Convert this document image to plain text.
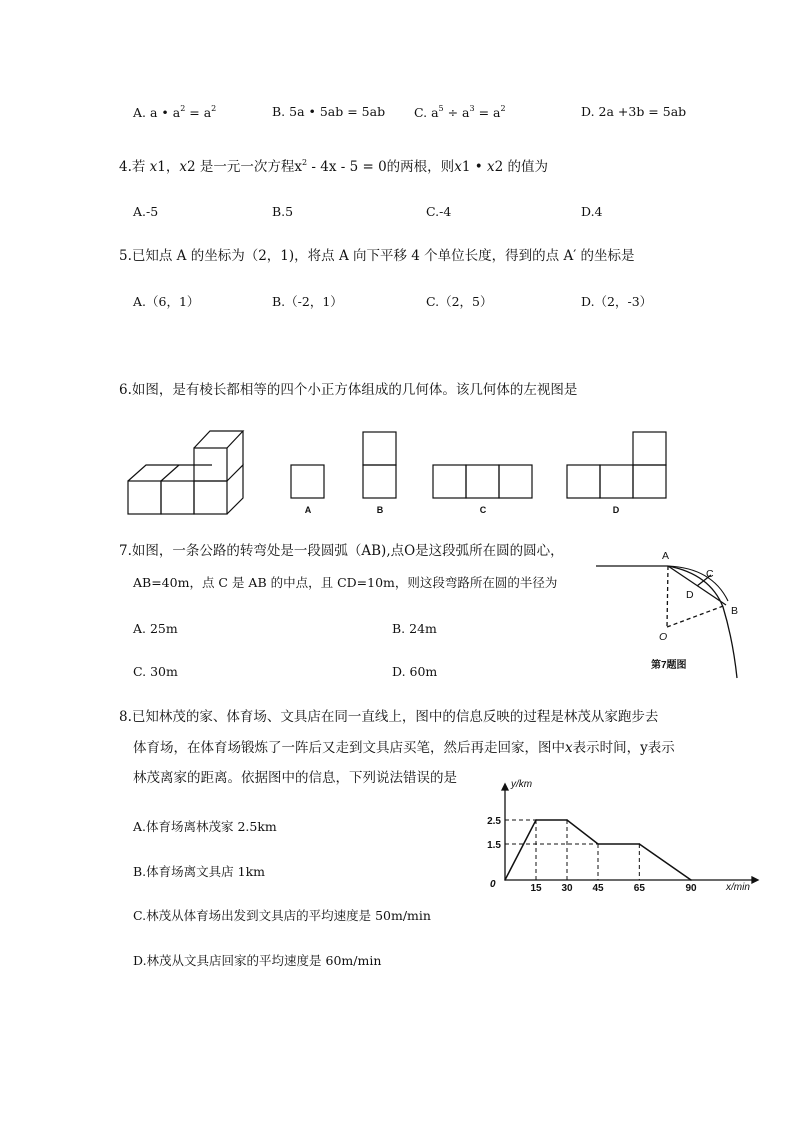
A. a • $a^2 = a^2$	B. 5a • 5ab = 5ab C. $a^5 \div a^3 = a^2$	D. 2a +3b = 5ab
4.若 x1，x2 是一元一次方程$x^2 - 4x - 5 = 0$的两根，则x1 • x2 的值为
A.-5	B.5	C.-4	D.4
5.已知点 A 的坐标为（2，1)，将点 A 向下平移 4 个单位长度，得到的点 A′ 的坐标是
A.（6，1）	B.（-2，1）	C.（2，5）	D.（2，-3）
6.如图，是有棱长都相等的四个小正方体组成的几何体。该几何体的左视图是
A	B	C	D
7.如图，一条公路的转弯处是一段圆弧（AB),点O是这段弧所在圆的圆心，
AB=40m，点 C 是 AB 的中点，且 CD=10m，则这段弯路所在圆的半径为
A. 25m	B. 24m
C. 30m	D. 60m
A
C
D
B
O
第7题图
8.已知林茂的家、体育场、文具店在同一直线上，图中的信息反映的过程是林茂从家跑步去
体育场，在体育场锻炼了一阵后又走到文具店买笔，然后再走回家，图中x表示时间，y表示
林茂离家的距离。依据图中的信息，下列说法错误的是
A.体育场离林茂家 2.5km
B.体育场离文具店 1km
C.林茂从体育场出发到文具店的平均速度是 50m/min
D.林茂从文具店回家的平均速度是 60m/min
15 30 45	65	90
2.5
1.5
y/km
x/min
0
